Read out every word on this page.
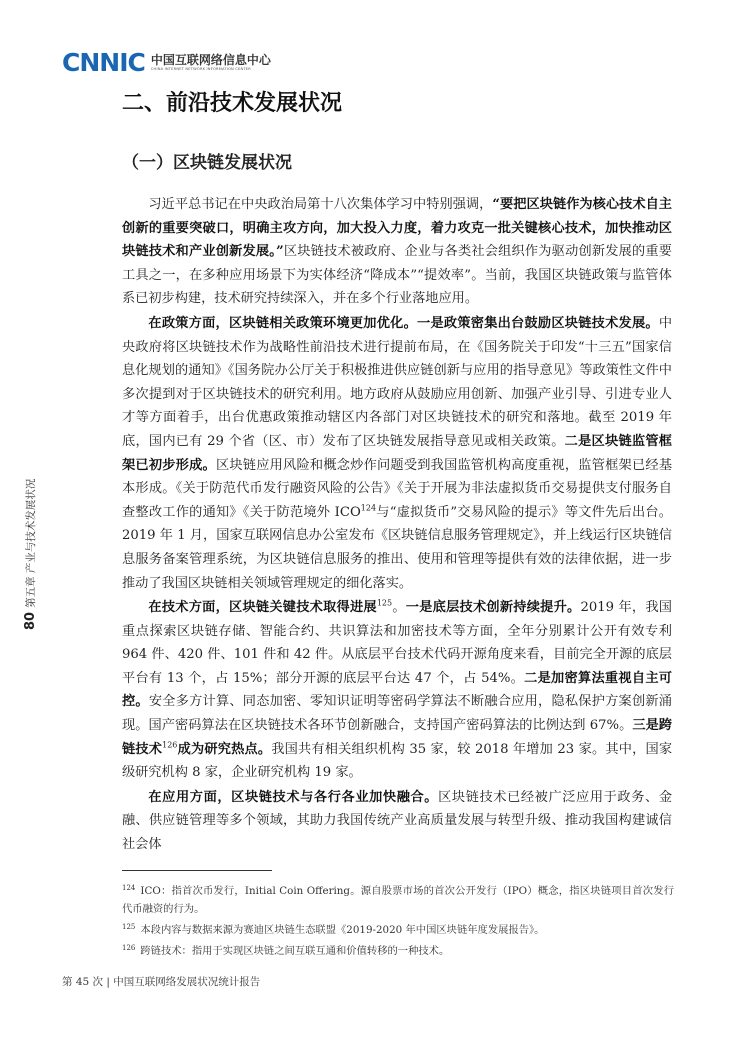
CNNIC 中国互联网络信息中心
CHINA INTERNET NETWORK INFORMATION CENTER
二、前沿技术发展状况
（一）区块链发展状况

习近平总书记在中央政治局第十八次集体学习中特别强调，“要把区块链作为核心技术自主创新的重要突破口，明确主攻方向，加大投入力度，着力攻克一批关键核心技术，加快推动区块链技术和产业创新发展。”区块链技术被政府、企业与各类社会组织作为驱动创新发展的重要工具之一，在多种应用场景下为实体经济“降成本”“提效率”。当前，我国区块链政策与监管体系已初步构建，技术研究持续深入，并在多个行业落地应用。

在政策方面，区块链相关政策环境更加优化。一是政策密集出台鼓励区块链技术发展。中央政府将区块链技术作为战略性前沿技术进行提前布局，在《国务院关于印发“十三五”国家信息化规划的通知》《国务院办公厅关于积极推进供应链创新与应用的指导意见》等政策性文件中多次提到对于区块链技术的研究利用。地方政府从鼓励应用创新、加强产业引导、引进专业人才等方面着手，出台优惠政策推动辖区内各部门对区块链技术的研究和落地。截至 2019 年底，国内已有 29 个省（区、市）发布了区块链发展指导意见或相关政策。二是区块链监管框架已初步形成。区块链应用风险和概念炒作问题受到我国监管机构高度重视，监管框架已经基本形成。《关于防范代币发行融资风险的公告》《关于开展为非法虚拟货币交易提供支付服务自查整改工作的通知》《关于防范境外 ICO$^{124}$与“虚拟货币”交易风险的提示》等文件先后出台。2019 年 1 月，国家互联网信息办公室发布《区块链信息服务管理规定》，并上线运行区块链信息服务备案管理系统，为区块链信息服务的推出、使用和管理等提供有效的法律依据，进一步推动了我国区块链相关领域管理规定的细化落实。

在技术方面，区块链关键技术取得进展$^{125}$。一是底层技术创新持续提升。2019 年，我国重点探索区块链存储、智能合约、共识算法和加密技术等方面，全年分别累计公开有效专利 964 件、420 件、101 件和 42 件。从底层平台技术代码开源角度来看，目前完全开源的底层平台有 13 个，占 15%；部分开源的底层平台达 47 个，占 54%。二是加密算法重视自主可控。安全多方计算、同态加密、零知识证明等密码学算法不断融合应用，隐私保护方案创新涌现。国产密码算法在区块链技术各环节创新融合，支持国产密码算法的比例达到 67%。三是跨链技术$^{126}$成为研究热点。我国共有相关组织机构 35 家，较 2018 年增加 23 家。其中，国家级研究机构 8 家，企业研究机构 19 家。

在应用方面，区块链技术与各行各业加快融合。区块链技术已经被广泛应用于政务、金融、供应链管理等多个领域，其助力我国传统产业高质量发展与转型升级、推动我国构建诚信社会体

$^{124}$ ICO：指首次币发行，Initial Coin Offering。源自股票市场的首次公开发行（IPO）概念，指区块链项目首次发行代币融资的行为。

$^{125}$ 本段内容与数据来源为赛迪区块链生态联盟《2019-2020 年中国区块链年度发展报告》。

$^{126}$ 跨链技术：指用于实现区块链之间互联互通和价值转移的一种技术。

第 45 次 | 中国互联网络发展状况统计报告

80
第五章 产业与技术发展状况
